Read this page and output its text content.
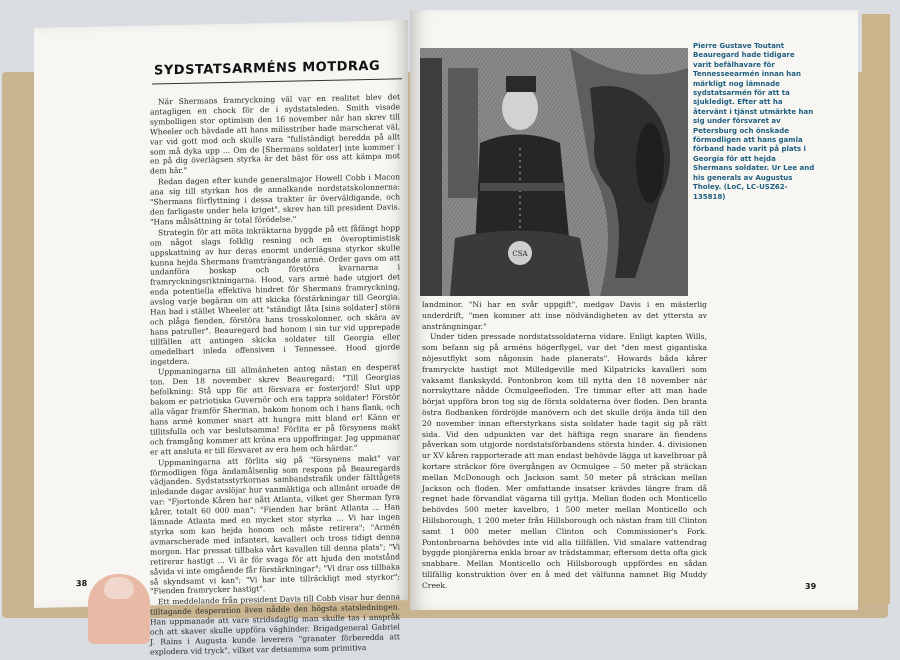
SYDSTATSARMÉNS MOTDRAG

När Shermans framryckning väl var en realitet blev det antagligen en chock för de i sydstatsleden. Smith visade symbolligen stor optimism den 16 november när han skrev till Wheeler och hävdade att hans milisstriber hade marscherat väl, var vid gott mod och skulle vara "fullständigt beredda på allt som må dyka upp ... Om de [Shermans soldater] inte kommer i en på dig överlägsen styrka är det bäst för oss att kämpa mot dem här."

Redan dagen efter kunde generalmajor Howell Cobb i Macon ana sig till styrkan hos de annalkande nordstatskolonnerna: "Shermans förflyttning i dessa trakter är överväldigande, och den farligaste under hela kriget", skrev han till president Davis. "Hans målsättning är total förödelse."

Strategin för att möta inkräktarna byggde på ett fåfängt hopp om något slags folklig resning och en överoptimistisk uppskattning av hur deras enormt underlägsna styrkor skulle kunna hejda Shermans framträngande armé. Order gavs om att undanföra boskap och förstöra kvarnarna i framryckningsriktningarna. Hood, vars armé hade utgjort det enda potentiella effektiva hindret för Shermans framryckning, avslog varje begäran om att skicka förstärkningar till Georgia. Han bad i stället Wheeler att "ständigt låta [sina soldater] störa och plåga fienden, förstöra hans trosskolonner, och skära av hans patruller". Beauregard bad honom i sin tur vid upprepade tillfällen att antingen skicka soldater till Georgia eller omedelbart inleda offensiven i Tennessee. Hood gjorde ingetdera.

Uppmaningarna till allmänheten antog nästan en desperat ton. Den 18 november skrev Beauregard: "Till Georgias befolkning: Stå upp för att försvara er fosterjord! Slut upp bakom er patriotiska Guvernör och era tappra soldater! Förstör alla vägar framför Sherman, bakom honom och i hans flank, och hans armé kommer snart att hungra mitt bland er! Känn er tillitsfulla och var beslutsamma! Förlita er på försynens makt och framgång kommer att kröna era uppoffringar. Jag uppmanar er att ansluta er till försvaret av era hem och härdar."

Uppmaningarna att förlita sig på "försynens makt" var förmodligen föga ändamålsenlig som respons på Beauregards vädjanden. Sydstatsstyrkornas sambandstrafik under fälttågets inledande dagar avslöjar hur vanmäktiga och allmänt oroade de var: "Fjortonde Kåren har nått Atlanta, vilket ger Sherman fyra kårer, totalt 60 000 man"; "Fienden har bränt Atlanta ... Han lämnade Atlanta med en mycket stor styrka ... Vi har ingen styrka som kan hejda honom och måste retirera"; "Armén avmarscherade med infanteri, kavalleri och tross tidigt denna morgon. Har pressat tillbaka vårt kavallen till denna plats"; "Vi retirerar hastigt ... Vi är för svaga för att hjuda den motstånd såvida vi inte omgående får förstärkningar"; "Vi drar oss tillbaka så skyndsamt vi kan"; "Vi har inte tillräckligt med styrkor"; "Fienden framrycker hastigt".

Ett meddelande från president Davis till Cobb visar hur denna tilltagande desperation även nådde den högsta statsledningen. Han uppmanade att vare stridsdaglig man skulle tas i anspråk och att skaver skulle uppföra väghinder. Brigadgeneral Gabriel J. Rains i Augusta kunde leverera "granater förberedda att explodera vid tryck", vilket var detsamma som primitiva

38
CSA
Pierre Gustave Toutant Beauregard hade tidigare varit befälhavare för Tennesseearmén innan han märkligt nog lämnade sydstatsarmén för att ta sjukledigt. Efter att ha återvänt i tjänst utmärkte han sig under försvaret av Petersburg och önskade förmodligen att hans gamla förband hade varit på plats i Georgia för att hejda Shermans soldater. Ur Lee and his generals av Augustus Tholey. (LoC, LC-USZ62-135818)

landminor. "Ni har en svår uppgift", medgav Davis i en mästerlig underdrift, "men kommer att inse nödvändigheten av det yttersta av ansträngningar."

Under tiden pressade nordstatssoldaterna vidare. Enligt kapten Wills, som befann sig på arméns högerflygel, var det "den mest gigantiska nöjesutflykt som någonsin hade planerats". Howards båda kårer framryckte hastigt mot Milledgeville med Kilpatricks kavalleri som vaksamt flankskydd. Pontonbron kom till nytta den 18 november när norrskyttare nådde Ocmulgeefloden. Tre timmar efter att man hade börjat uppföra bron tog sig de första soldaterna över floden. Den branta östra flodbanken fördröjde manövern och det skulle dröja ända till den 20 november innan efterstyrkans sista soldater hade tagit sig på rätt sida. Vid den udpunkten var det häftiga regn snarare än fiendens påverkan som utgjorde nordstatsförbandens största hinder. 4. divisionen ur XV kåren rapporterade att man endast behövde lägga ut kavelbroar på kortare sträckor före övergången av Ocmulgee – 50 meter på sträckan mellan McDonough och Jackson samt 50 meter på sträckan mellan Jackson och floden. Mer omfattande insatser krävdes längre fram då regnet hade förvandlat vägarna till gyttja. Mellan floden och Monticello behövdes 500 meter kavelbro, 1 500 meter mellan Monticello och Hillsborough, 1 200 meter från Hillsborough och nästan fram till Clinton samt 1 000 meter mellan Clinton och Commissioner's Fork. Pontonbroarna behövdes inte vid alla tillfällen. Vid smalare vattendrag byggde pionjärerna enkla broar av trädstammar, eftersom detta ofta gick snabbare. Mellan Monticello och Hillsborough uppfördes en sådan tillfällig konstruktion över en å med det välfunna namnet Big Muddy Creek.	39
